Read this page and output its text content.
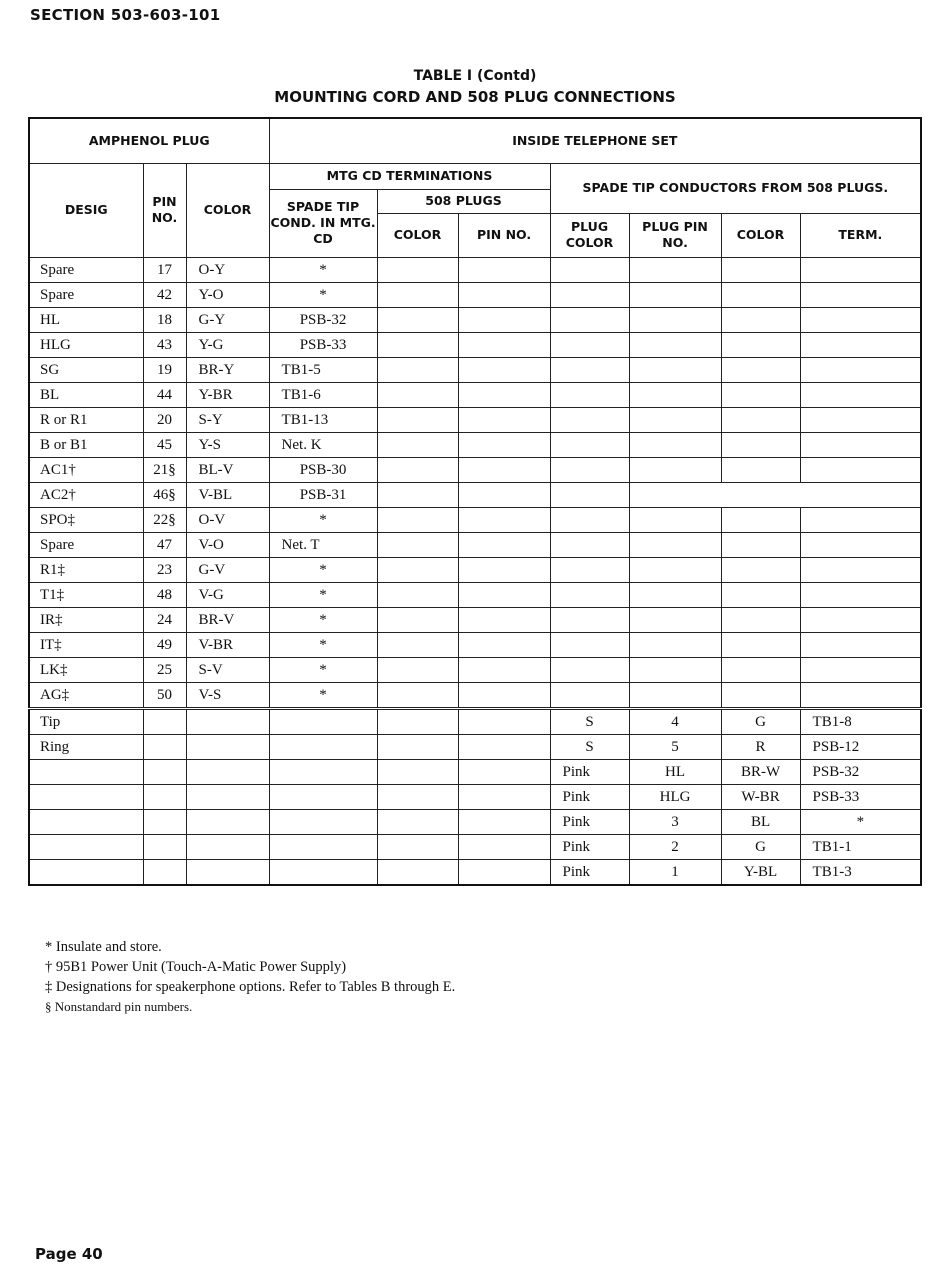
SECTION 503-603-101
TABLE I (Contd)
MOUNTING CORD AND 508 PLUG CONNECTIONS
AMPHENOL PLUG			INSIDE TELEPHONE SET						
DESIG	PIN NO.	COLOR	MTG CD TERMINATIONS			SPADE TIP CONDUCTORS FROM 508 PLUGS.			
			SPADE TIP COND. IN MTG. CD	508 PLUGS					
				COLOR	PIN NO.	PLUG COLOR	PLUG PIN NO.	COLOR	TERM.
Spare	17	O-Y	*						
Spare	42	Y-O	*						
HL	18	G-Y	PSB-32						
HLG	43	Y-G	PSB-33						
SG	19	BR-Y	TB1-5						
BL	44	Y-BR	TB1-6						
R or R1	20	S-Y	TB1-13						
B or B1	45	Y-S	Net. K						
AC1†	21§	BL-V	PSB-30						
AC2†	46§	V-BL	PSB-31						
SPO‡	22§	O-V	*						
Spare	47	V-O	Net. T						
R1‡	23	G-V	*						
T1‡	48	V-G	*						
IR‡	24	BR-V	*						
IT‡	49	V-BR	*						
LK‡	25	S-V	*						
AG‡	50	V-S	*						
Tip						S	4	G	TB1-8
Ring						S	5	R	PSB-12
						Pink	HL	BR-W	PSB-32
						Pink	HLG	W-BR	PSB-33
						Pink	3	BL	*
						Pink	2	G	TB1-1
						Pink	1	Y-BL	TB1-3
* Insulate and store.
† 95B1 Power Unit (Touch-A-Matic Power Supply)
‡ Designations for speakerphone options. Refer to Tables B through E.
§ Nonstandard pin numbers.
Page 40
